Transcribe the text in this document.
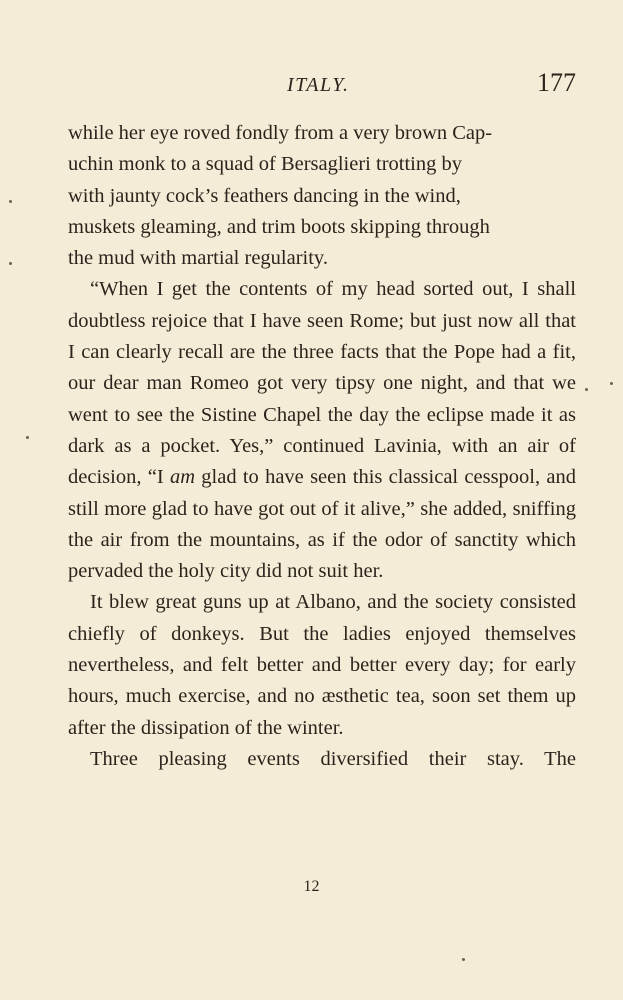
ITALY.	177

while her eye roved fondly from a very brown Cap-
uchin monk to a squad of Bersaglieri trotting by
with jaunty cock’s feathers dancing in the wind,
muskets gleaming, and trim boots skipping through
the mud with martial regularity.

“When I get the contents of my head sorted out, I shall doubtless rejoice that I have seen Rome; but just now all that I can clearly recall are the three facts that the Pope had a fit, our dear man Romeo got very tipsy one night, and that we went to see the Sistine Chapel the day the eclipse made it as dark as a pocket. Yes,” continued Lavinia, with an air of decision, “I am glad to have seen this classical cesspool, and still more glad to have got out of it alive,” she added, sniffing the air from the mountains, as if the odor of sanctity which pervaded the holy city did not suit her.

It blew great guns up at Albano, and the society consisted chiefly of donkeys. But the ladies enjoyed themselves nevertheless, and felt better and better every day; for early hours, much exercise, and no æsthetic tea, soon set them up after the dissipation of the winter.

Three pleasing events diversified their stay. The

12
